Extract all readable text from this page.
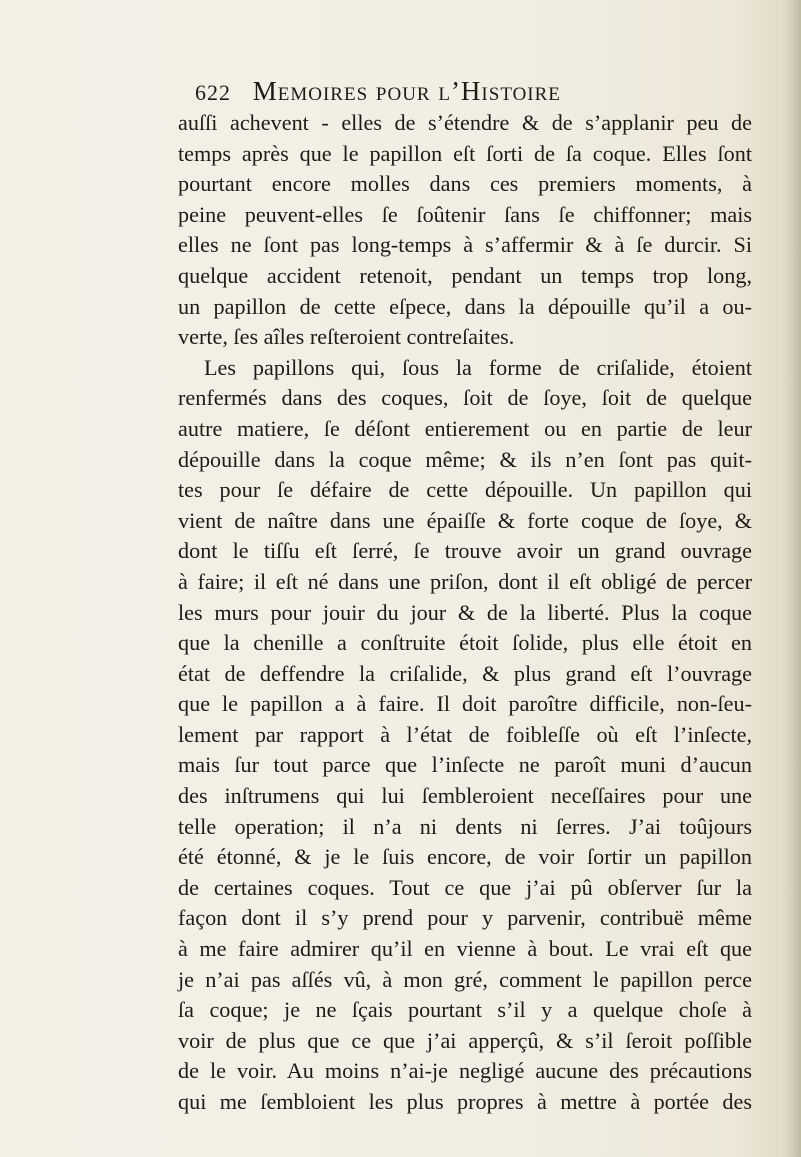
622 Memoires pour l’Histoire
auſſi achevent - elles de s’étendre & de s’applanir peu de
temps après que le papillon eſt ſorti de ſa coque. Elles ſont
pourtant encore molles dans ces premiers moments, à
peine peuvent-elles ſe ſoûtenir ſans ſe chiffonner; mais
elles ne ſont pas long-temps à s’affermir & à ſe durcir. Si
quelque accident retenoit, pendant un temps trop long,
un papillon de cette eſpece, dans la dépouille qu’il a ou-
verte, ſes aîles reſteroient contreſaites.
Les papillons qui, ſous la forme de criſalide, étoient
renfermés dans des coques, ſoit de ſoye, ſoit de quelque
autre matiere, ſe déſont entierement ou en partie de leur
dépouille dans la coque même; & ils n’en ſont pas quit-
tes pour ſe défaire de cette dépouille. Un papillon qui
vient de naître dans une épaiſſe & forte coque de ſoye, &
dont le tiſſu eſt ſerré, ſe trouve avoir un grand ouvrage
à faire; il eſt né dans une priſon, dont il eſt obligé de percer
les murs pour jouir du jour & de la liberté. Plus la coque
que la chenille a conſtruite étoit ſolide, plus elle étoit en
état de deffendre la criſalide, & plus grand eſt l’ouvrage
que le papillon a à faire. Il doit paroître difficile, non-ſeu-
lement par rapport à l’état de foibleſſe où eſt l’inſecte,
mais ſur tout parce que l’inſecte ne paroît muni d’aucun
des inſtrumens qui lui ſembleroient neceſſaires pour une
telle operation; il n’a ni dents ni ſerres. J’ai toûjours
été étonné, & je le ſuis encore, de voir ſortir un papillon
de certaines coques. Tout ce que j’ai pû obſerver ſur la
façon dont il s’y prend pour y parvenir, contribuë même
à me faire admirer qu’il en vienne à bout. Le vrai eſt que
je n’ai pas aſſés vû, à mon gré, comment le papillon perce
ſa coque; je ne ſçais pourtant s’il y a quelque choſe à
voir de plus que ce que j’ai apperçû, & s’il ſeroit poſſible
de le voir. Au moins n’ai-je negligé aucune des précautions
qui me ſembloient les plus propres à mettre à portée des
